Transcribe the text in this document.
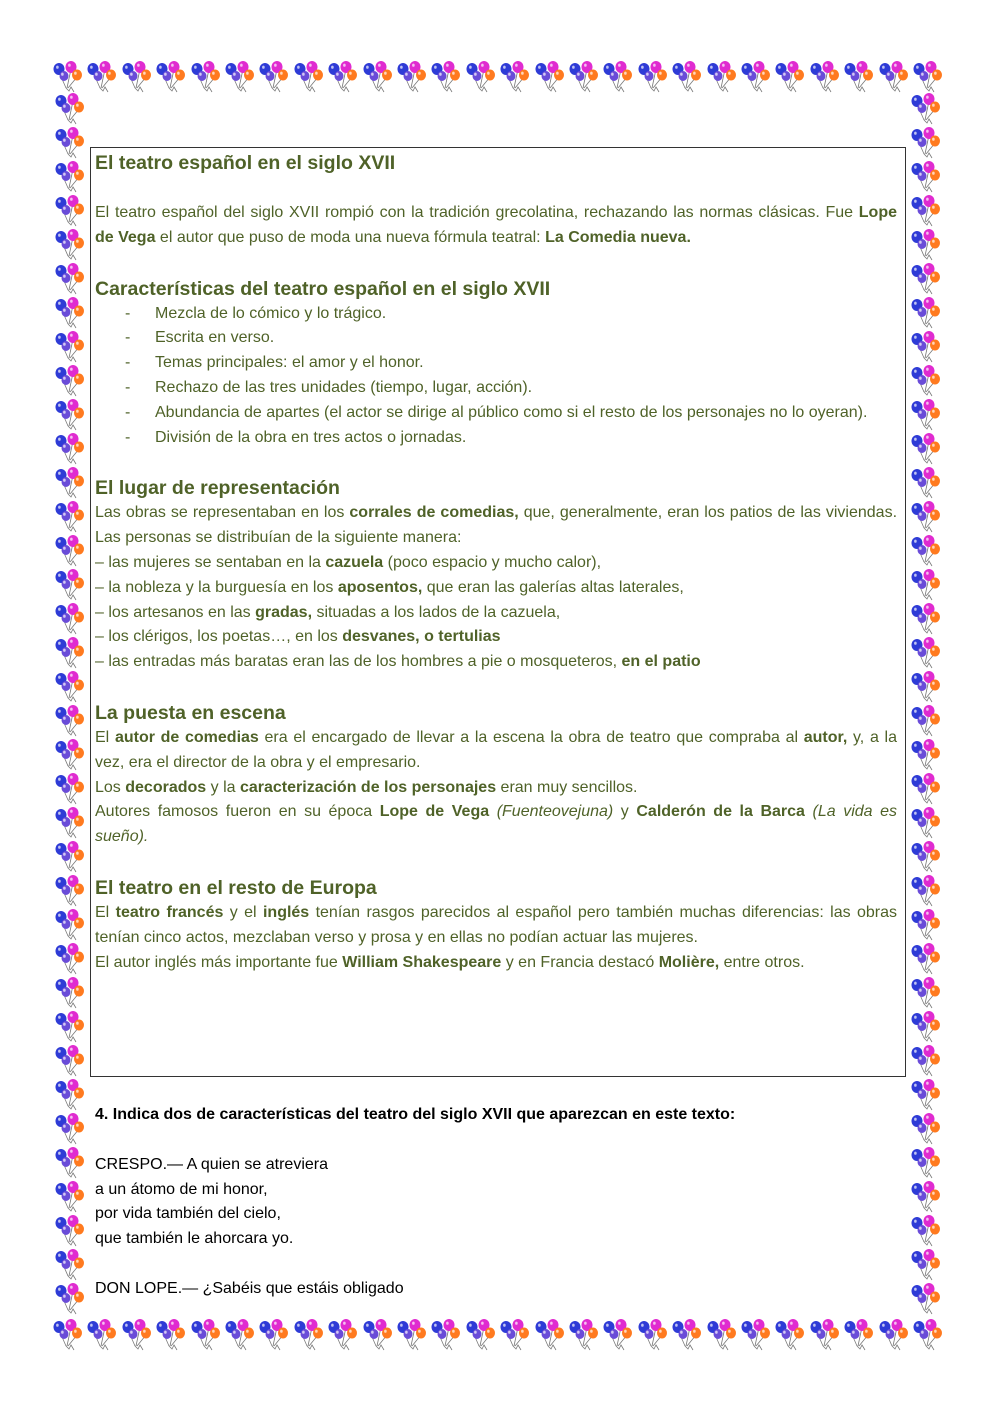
El teatro español en el siglo XVII

El teatro español del siglo XVII rompió con la tradición grecolatina, rechazando las normas clásicas. Fue Lope de Vega el autor que puso de moda una nueva fórmula teatral: La Comedia nueva.

Características del teatro español en el siglo XVII
- Mezcla de lo cómico y lo trágico.
- Escrita en verso.
- Temas principales: el amor y el honor.
- Rechazo de las tres unidades (tiempo, lugar, acción).
- Abundancia de apartes (el actor se dirige al público como si el resto de los personajes no lo oyeran).
- División de la obra en tres actos o jornadas.
El lugar de representación

Las obras se representaban en los corrales de comedias, que, generalmente, eran los patios de las viviendas. Las personas se distribuían de la siguiente manera:

– las mujeres se sentaban en la cazuela (poco espacio y mucho calor),

– la nobleza y la burguesía en los aposentos, que eran las galerías altas laterales,

– los artesanos en las gradas, situadas a los lados de la cazuela,

– los clérigos, los poetas…, en los desvanes, o tertulias

– las entradas más baratas eran las de los hombres a pie o mosqueteros, en el patio

La puesta en escena

El autor de comedias era el encargado de llevar a la escena la obra de teatro que compraba al autor, y, a la vez, era el director de la obra y el empresario.

Los decorados y la caracterización de los personajes eran muy sencillos.

Autores famosos fueron en su época Lope de Vega (Fuenteovejuna) y Calderón de la Barca (La vida es sueño).

El teatro en el resto de Europa

El teatro francés y el inglés tenían rasgos parecidos al español pero también muchas diferencias: las obras tenían cinco actos, mezclaban verso y prosa y en ellas no podían actuar las mujeres.

El autor inglés más importante fue William Shakespeare y en Francia destacó Molière, entre otros.

4. Indica dos de características del teatro del siglo XVII que aparezcan en este texto:

CRESPO.— A quien se atreviera

a un átomo de mi honor,

por vida también del cielo,

que también le ahorcara yo.

DON LOPE.— ¿Sabéis que estáis obligado
